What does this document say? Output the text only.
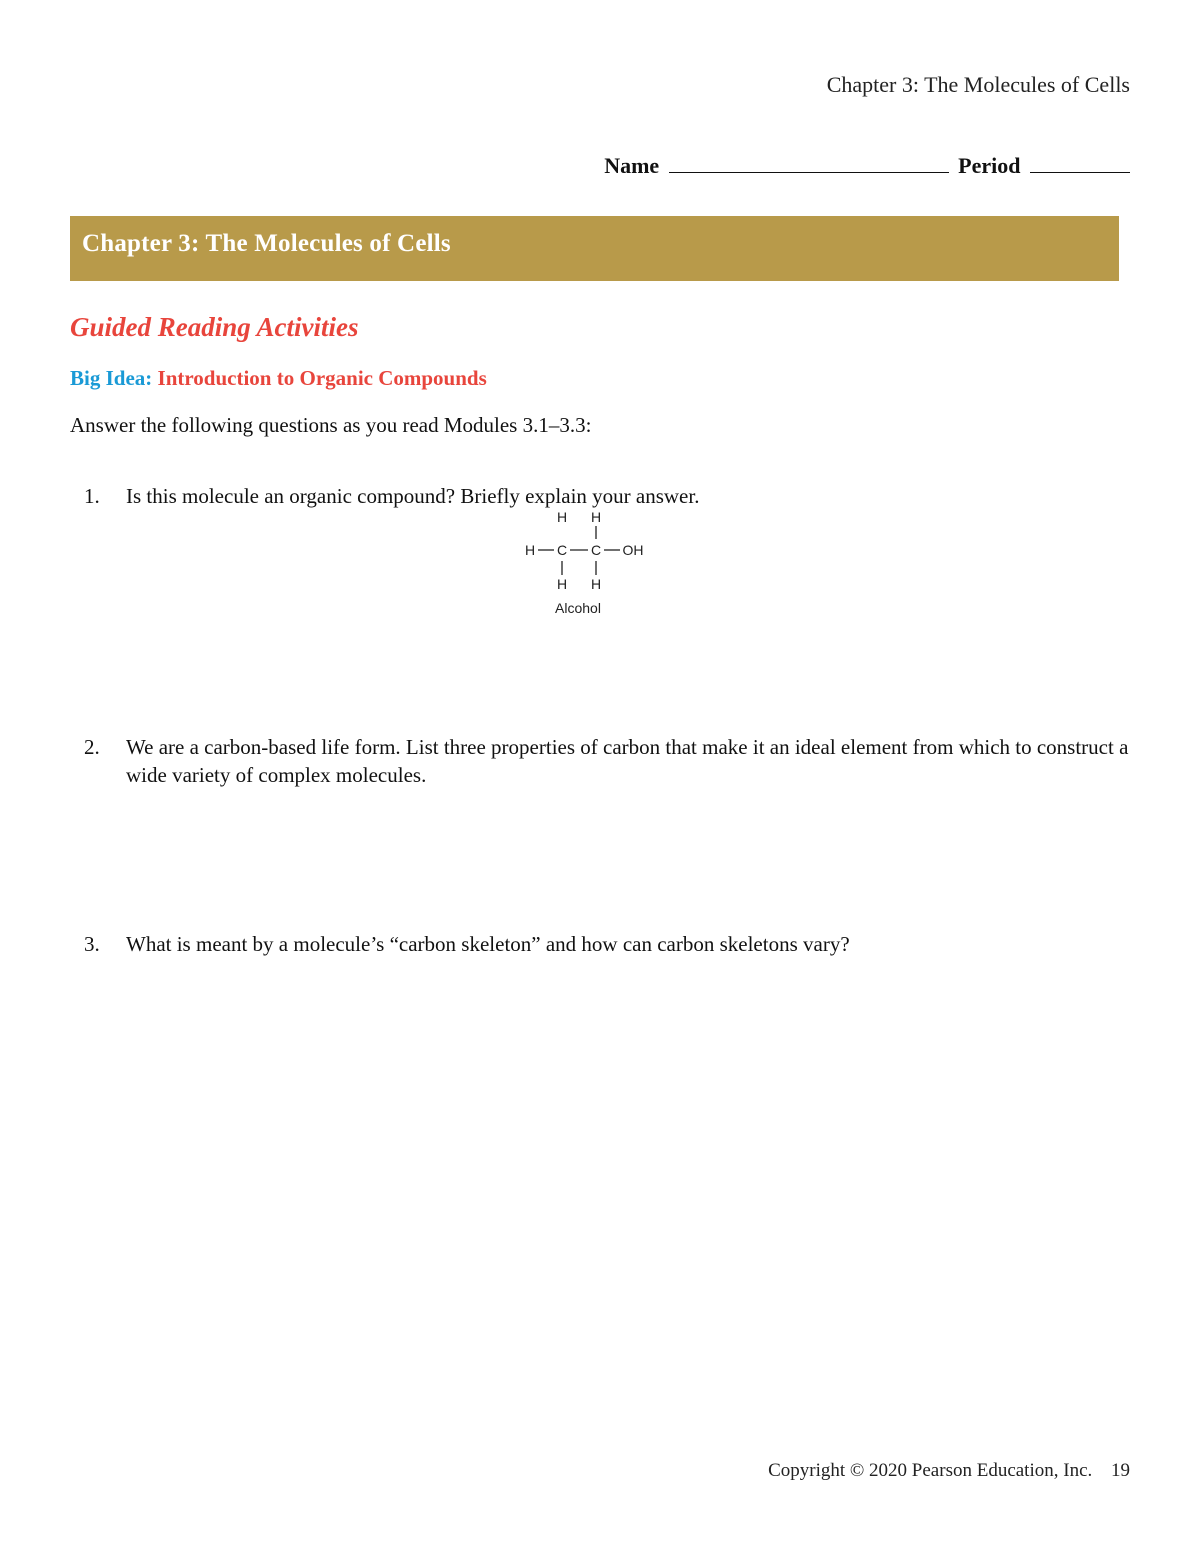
Chapter 3: The Molecules of Cells
Name	Period
Chapter 3: The Molecules of Cells
Guided Reading Activities
Big Idea: Introduction to Organic Compounds
Answer the following questions as you read Modules 3.1–3.3:
1. Is this molecule an organic compound? Briefly explain your answer.
H H
H C C OH
H H
Alcohol
2. We are a carbon-based life form. List three properties of carbon that make it an ideal element from which to construct a wide variety of complex molecules.
3. What is meant by a molecule’s “carbon skeleton” and how can carbon skeletons vary?
Copyright © 2020 Pearson Education, Inc. 19
